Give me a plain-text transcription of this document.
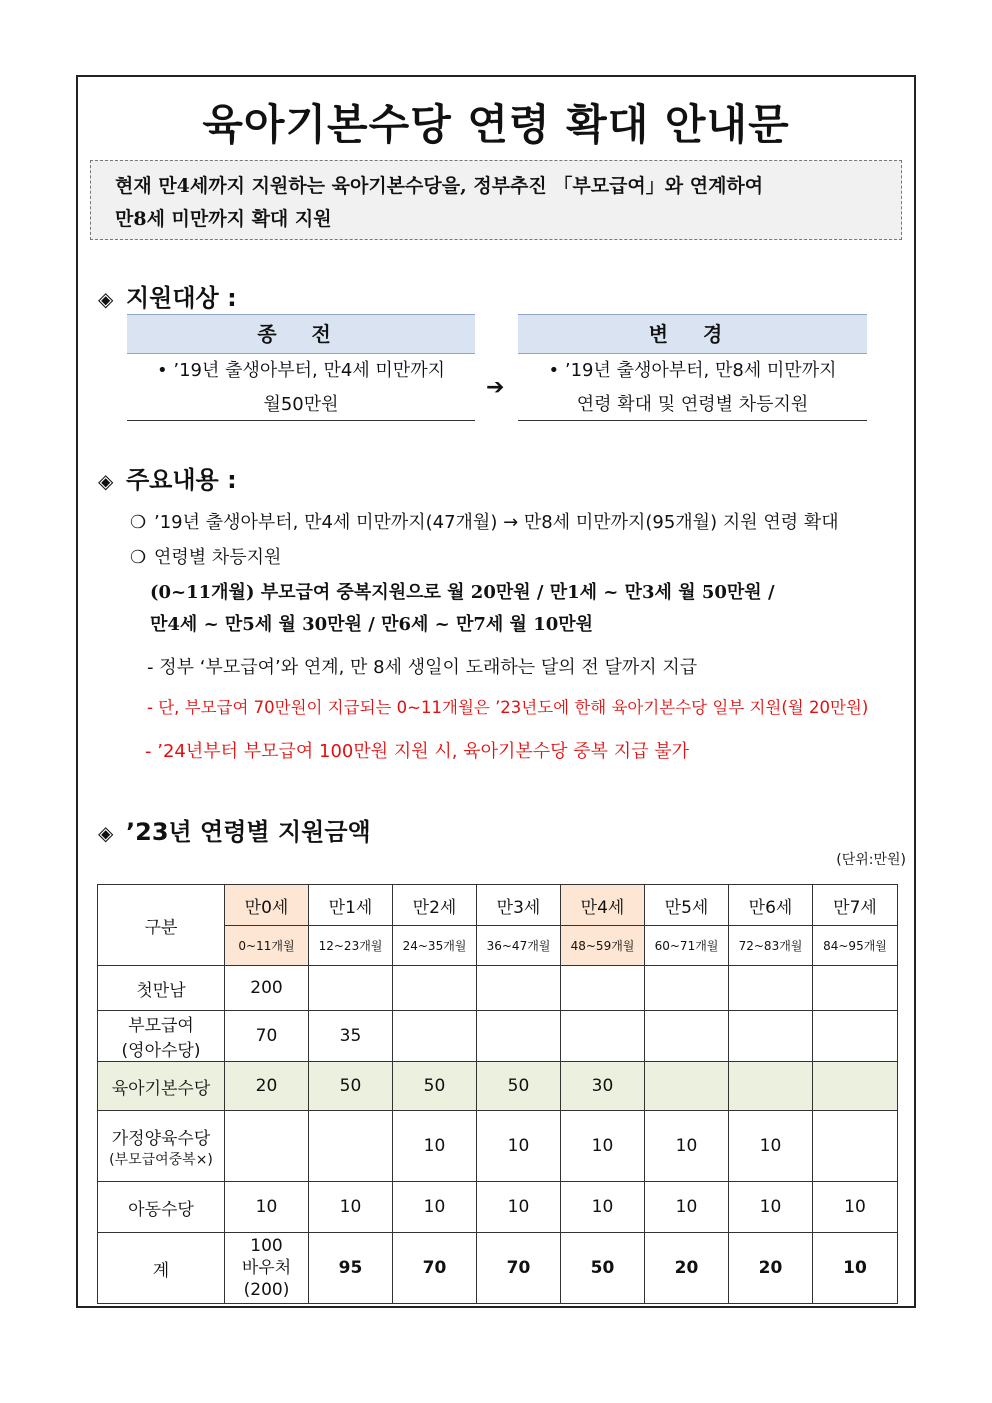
육아기본수당 연령 확대 안내문
현재 만4세까지 지원하는 육아기본수당을, 정부추진 「부모급여」와 연계하여
만8세 미만까지 확대 지원
◈ 지원대상 :
종 전
• ’19년 출생아부터, 만4세 미만까지
월50만원
➔
변 경
• ’19년 출생아부터, 만8세 미만까지
연령 확대 및 연령별 차등지원
◈ 주요내용 :
❍ ’19년 출생아부터, 만4세 미만까지(47개월) → 만8세 미만까지(95개월) 지원 연령 확대
❍ 연령별 차등지원
(0~11개월) 부모급여 중복지원으로 월 20만원 / 만1세 ~ 만3세 월 50만원 /
만4세 ~ 만5세 월 30만원 / 만6세 ~ 만7세 월 10만원
- 정부 ‘부모급여’와 연계, 만 8세 생일이 도래하는 달의 전 달까지 지급
- 단, 부모급여 70만원이 지급되는 0~11개월은 ’23년도에 한해 육아기본수당 일부 지원(월 20만원)
- ’24년부터 부모급여 100만원 지원 시, 육아기본수당 중복 지급 불가
◈ ’23년 연령별 지원금액
(단위:만원)
구분	만0세	만1세	만2세	만3세	만4세	만5세	만6세	만7세
	0~11개월	12~23개월	24~35개월	36~47개월	48~59개월	60~71개월	72~83개월	84~95개월
첫만남	200							

부모급여
(영아수당)	70	35						
육아기본수당	20	50	50	50	30			

가정양육수당
(부모급여중복×)			10	10	10	10	10	
아동수당	10	10	10	10	10	10	10	10
계	100
바우처
(200)	95	70	70	50	20	20	10
